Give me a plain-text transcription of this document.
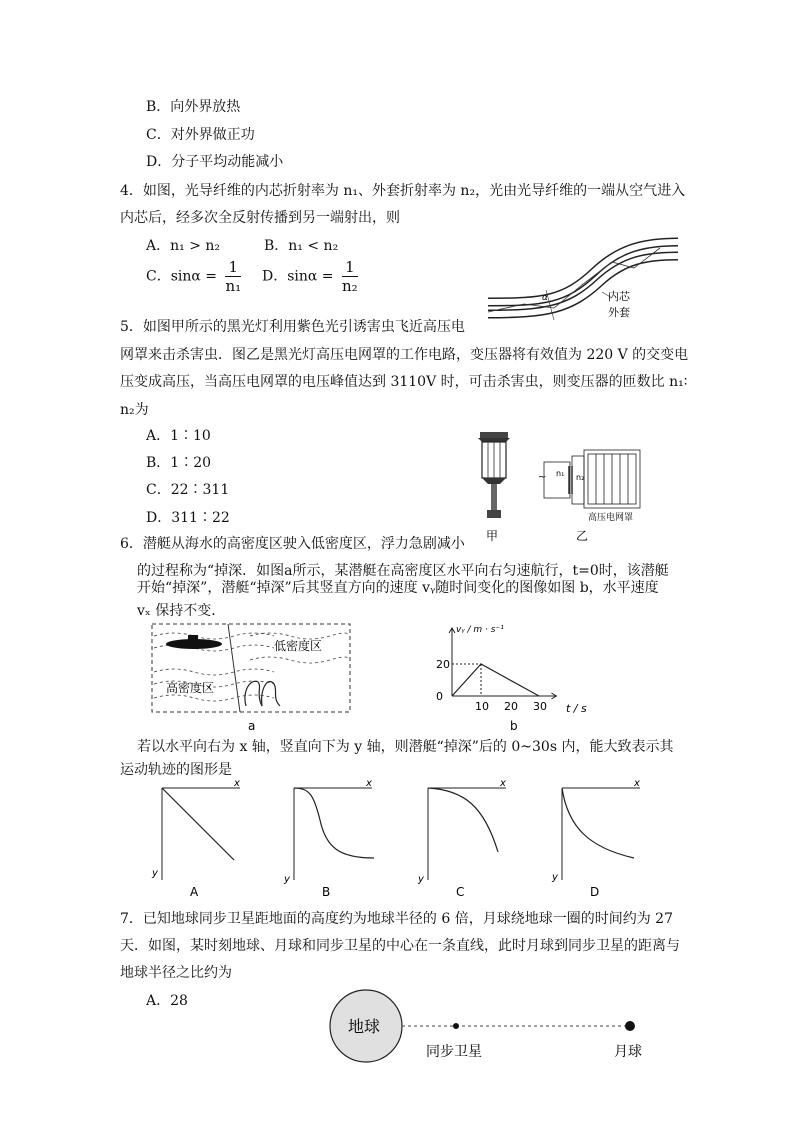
B．向外界放热
C．对外界做正功
D．分子平均动能减小
4．如图，光导纤维的内芯折射率为 n₁、外套折射率为 n₂，光由光导纤维的一端从空气进入
内芯后，经多次全反射传播到另一端射出，则
A．n₁ > n₂	B．n₁ < n₂
C．$\sin\alpha = \frac{1}{\text{n₁}}$ D．$\sin\alpha = \frac{1}{\text{n₂}}$
α	内芯
外套
5．如图甲所示的黑光灯利用紫色光引诱害虫飞近高压电
网罩来击杀害虫．图乙是黑光灯高压电网罩的工作电路，变压器将有效值为 220 V 的交变电
压变成高压，当高压电网罩的电压峰值达到 3110V 时，可击杀害虫，则变压器的匝数比 n₁∶
n₂为
A．1∶10
B．1∶20
C．22∶311
D．311∶22
甲
~ n₁ n₂
高压电网罩
乙
6．潜艇从海水的高密度区驶入低密度区，浮力急剧减小
的过程称为“掉深．如图a所示，某潜艇在高密度区水平向右匀速航行，t=0时，该潜艇
开始“掉深”，潜艇“掉深”后其竖直方向的速度 vᵧ随时间变化的图像如图 b，水平速度
vₓ 保持不变．
低密度区
高密度区
a
10 20 30
0
20
vᵧ / m · s⁻¹
t / s
b
若以水平向右为 x 轴，竖直向下为 y 轴，则潜艇“掉深”后的 0~30s 内，能大致表示其
运动轨迹的图形是
x
y
A
x
y
B
x
y
C
x
y
D
7．已知地球同步卫星距地面的高度约为地球半径的 6 倍，月球绕地球一圈的时间约为 27
天．如图，某时刻地球、月球和同步卫星的中心在一条直线，此时月球到同步卫星的距离与
地球半径之比约为
A．28
地球
同步卫星	月球
